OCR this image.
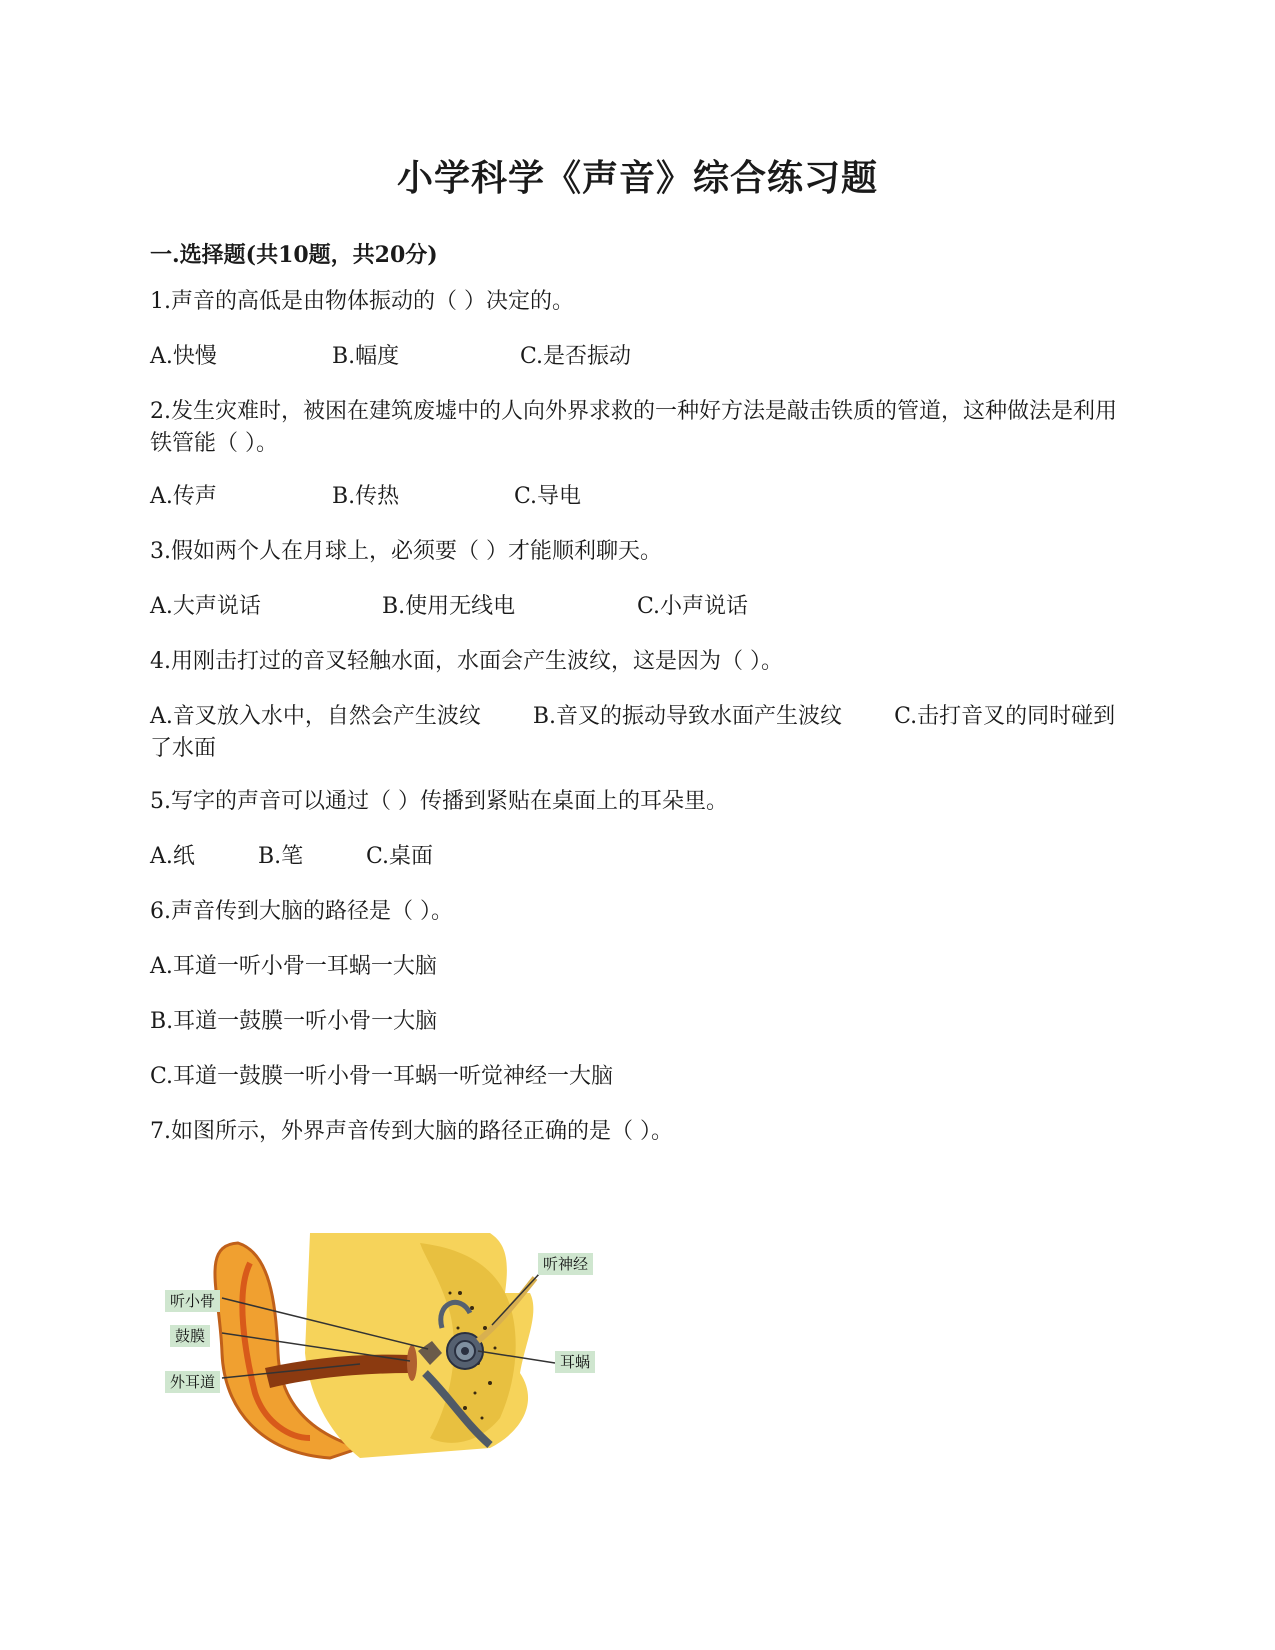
小学科学《声音》综合练习题
一.选择题(共10题，共20分)

1.声音的高低是由物体振动的（ ）决定的。

A.快慢	B.幅度	C.是否振动

2.发生灾难时，被困在建筑废墟中的人向外界求救的一种好方法是敲击铁质的管道，这种做法是利用铁管能（ ）。

A.传声	B.传热	C.导电

3.假如两个人在月球上，必须要（ ）才能顺利聊天。

A.大声说话	B.使用无线电	C.小声说话

4.用刚击打过的音叉轻触水面，水面会产生波纹，这是因为（ ）。

A.音叉放入水中，自然会产生波纹 B.音叉的振动导致水面产生波纹 C.击打音叉的同时碰到了水面

5.写字的声音可以通过（ ）传播到紧贴在桌面上的耳朵里。

A.纸	B.笔	C.桌面

6.声音传到大脑的路径是（ ）。

A.耳道一听小骨一耳蜗一大脑

B.耳道一鼓膜一听小骨一大脑

C.耳道一鼓膜一听小骨一耳蜗一听觉神经一大脑

7.如图所示，外界声音传到大脑的路径正确的是（ ）。

听神经
听小骨
鼓膜
外耳道
耳蜗
